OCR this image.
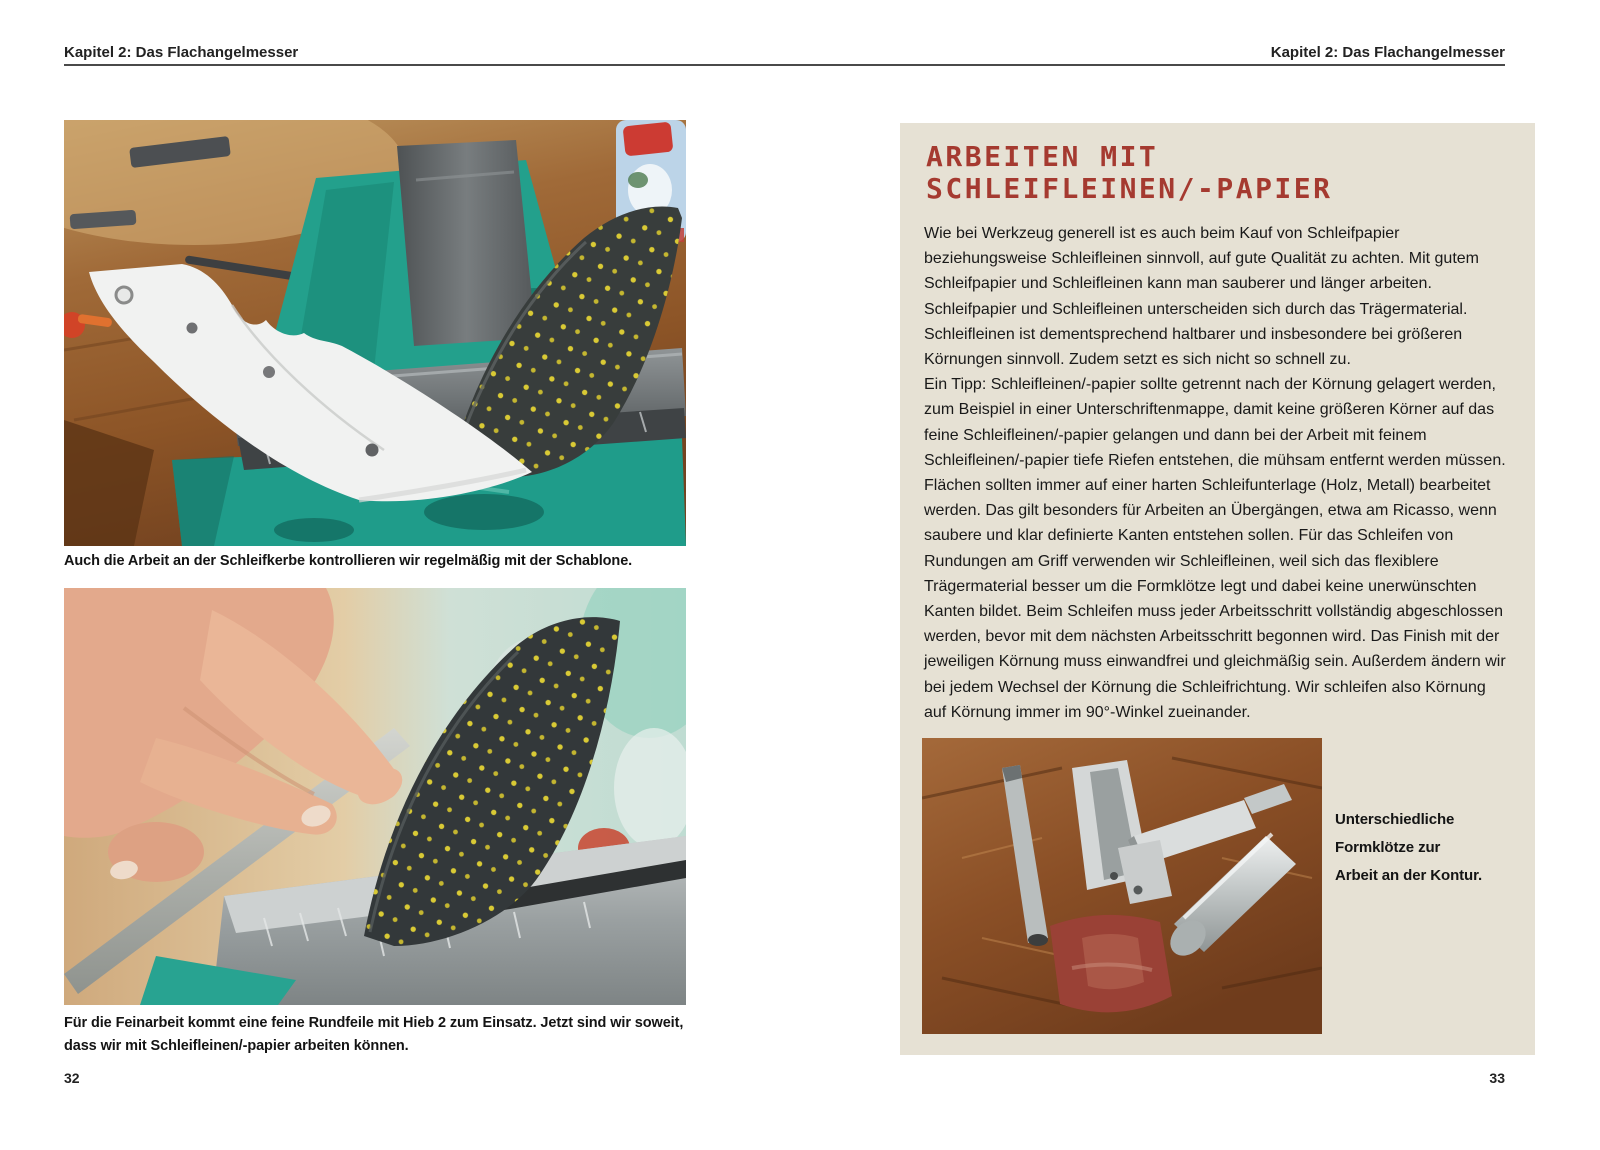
Kapitel 2: Das Flachangelmesser	Kapitel 2: Das Flachangelmesser
Auch die Arbeit an der Schleifkerbe kontrollieren wir regelmäßig mit der Schablone.
Für die Feinarbeit kommt eine feine Rundfeile mit Hieb 2 zum Einsatz. Jetzt sind wir soweit, dass wir mit Schleifleinen/-papier arbeiten können.
32
ARBEITEN MIT
SCHLEIFLEINEN/-PAPIER

Wie bei Werkzeug generell ist es auch beim Kauf von Schleifpapier beziehungsweise Schleifleinen sinnvoll, auf gute Qualität zu achten. Mit gutem Schleifpapier und Schleifleinen kann man sauberer und länger arbeiten. Schleifpapier und Schleifleinen unterscheiden sich durch das Trägermaterial. Schleifleinen ist dementsprechend haltbarer und insbesondere bei größeren Körnungen sinnvoll. Zudem setzt es sich nicht so schnell zu.

Ein Tipp: Schleifleinen/-papier sollte getrennt nach der Körnung gelagert werden, zum Beispiel in einer Unterschriftenmappe, damit keine größeren Körner auf das feine Schleifleinen/-papier gelangen und dann bei der Arbeit mit feinem Schleifleinen/-papier tiefe Riefen entstehen, die mühsam entfernt werden müssen. Flächen sollten immer auf einer harten Schleifunterlage (Holz, Metall) bearbeitet werden. Das gilt besonders für Arbeiten an Übergängen, etwa am Ricasso, wenn saubere und klar definierte Kanten entstehen sollen. Für das Schleifen von Rundungen am Griff verwenden wir Schleifleinen, weil sich das flexiblere Trägermaterial besser um die Formklötze legt und dabei keine unerwünschten Kanten bildet. Beim Schleifen muss jeder Arbeitsschritt vollständig abgeschlossen werden, bevor mit dem nächsten Arbeitsschritt begonnen wird. Das Finish mit der jeweiligen Körnung muss einwandfrei und gleichmäßig sein. Außerdem ändern wir bei jedem Wechsel der Körnung die Schleifrichtung. Wir schleifen also Körnung auf Körnung immer im 90°-Winkel zueinander.

Unterschiedliche Formklötze zur Arbeit an der Kontur.
33
